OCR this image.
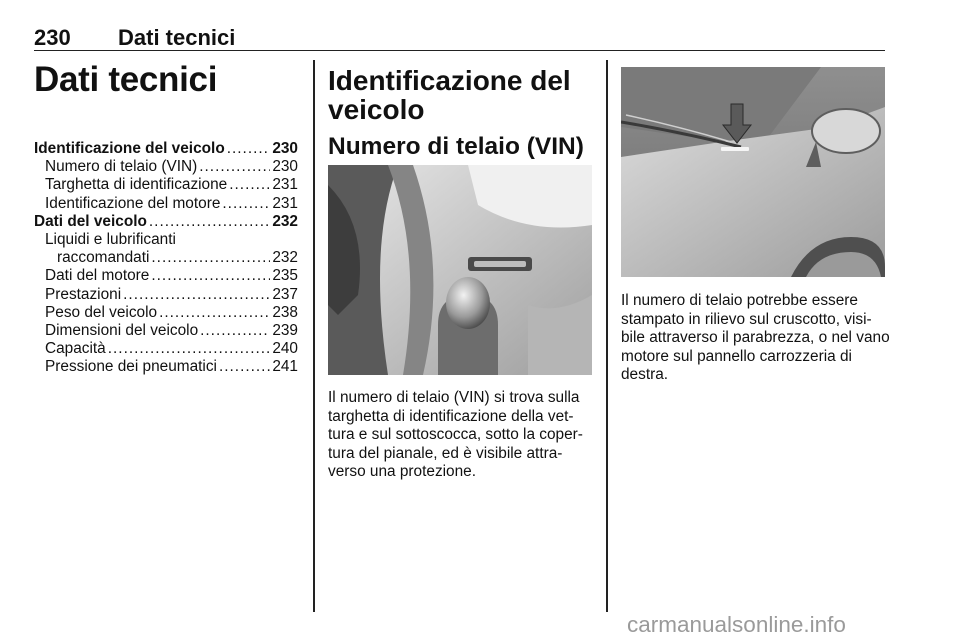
230 Dati tecnici
Dati tecnici
Identificazione del veicolo .....	230
Numero di telaio (VIN) .....	230
Targhetta di identificazione .....	231
Identificazione del motore .....	231
Dati del veicolo .....	232
Liquidi e lubrificanti
raccomandati .....	232
Dati del motore .....	235
Prestazioni .....	237
Peso del veicolo .....	238
Dimensioni del veicolo .....	239
Capacità .....	240
Pressione dei pneumatici .....	241
Identificazione del
veicolo
Numero di telaio (VIN)
Il numero di telaio (VIN) si trova sulla targhetta di identificazione della vet-tura e sul sottoscocca, sotto la coper-tura del pianale, ed è visibile attra-verso una protezione.
Il numero di telaio potrebbe essere stampato in rilievo sul cruscotto, visi-bile attraverso il parabrezza, o nel vano motore sul pannello carrozzeria di destra.
carmanualsonline.info
